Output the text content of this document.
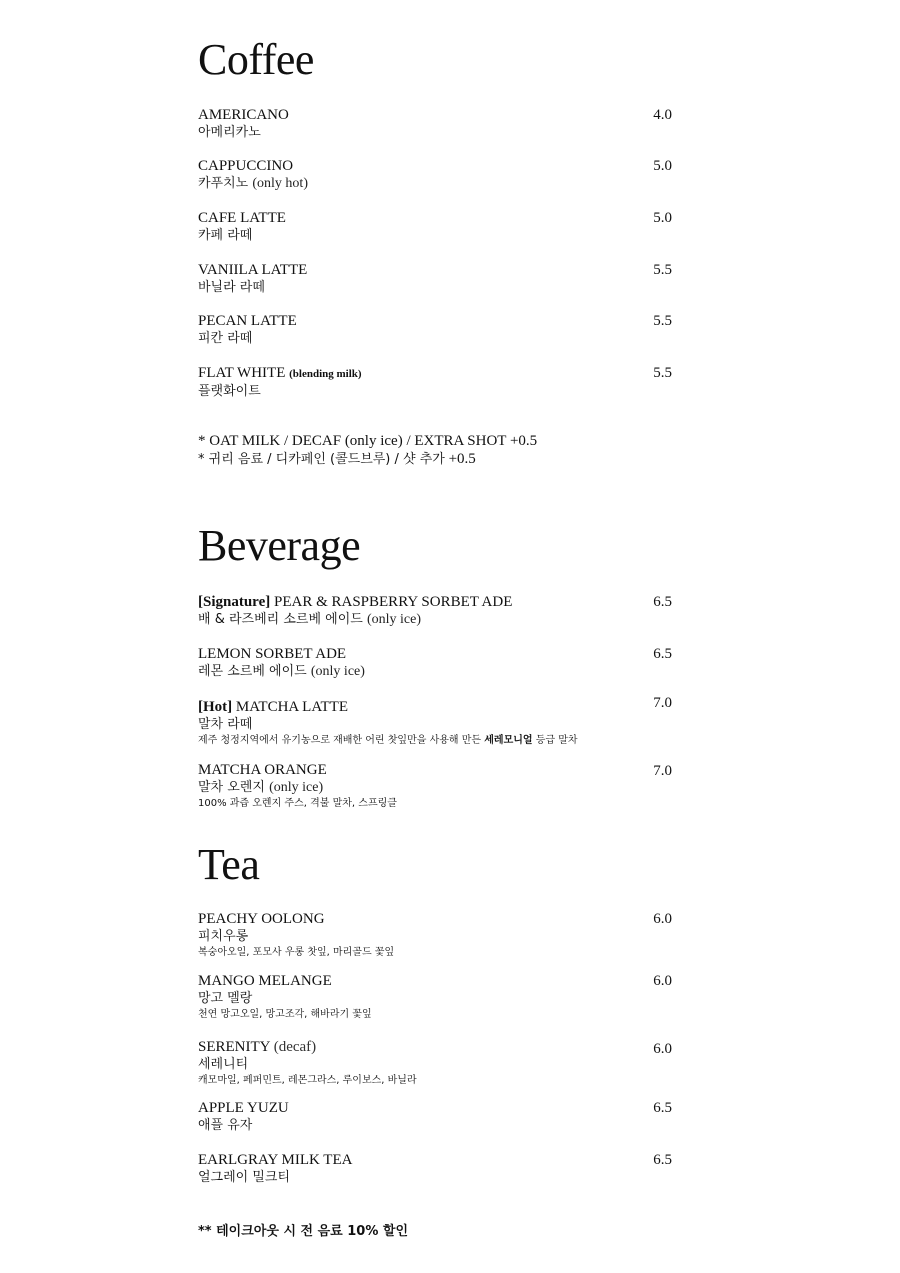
Coffee
AMERICANO
아메리카노
4.0
CAPPUCCINO
카푸치노 (only hot)
5.0
CAFE LATTE
카페 라떼
5.0
VANIILA LATTE
바닐라 라떼
5.5
PECAN LATTE
피칸 라떼
5.5
FLAT WHITE (blending milk)
플랫화이트
5.5
* OAT MILK / DECAF (only ice) / EXTRA SHOT +0.5
* 귀리 음료 / 디카페인 (콜드브루) / 샷 추가 +0.5
Beverage
[Signature] PEAR & RASPBERRY SORBET ADE
배 & 라즈베리 소르베 에이드 (only ice)
6.5
LEMON SORBET ADE
레몬 소르베 에이드 (only ice)
6.5
[Hot] MATCHA LATTE
말차 라떼
제주 청정지역에서 유기농으로 재배한 어린 찻잎만을 사용해 만든 세레모니얼 등급 말차
7.0
MATCHA ORANGE
말차 오렌지 (only ice)
100% 과즙 오렌지 주스, 격불 말차, 스프링클
7.0
Tea
PEACHY OOLONG
피치우롱
복숭아오일, 포모사 우롱 찻잎, 마리골드 꽃잎
6.0
MANGO MELANGE
망고 멜랑
천연 망고오일, 망고조각, 해바라기 꽃잎
6.0
SERENITY (decaf)
세레니티
캐모마일, 페퍼민트, 레몬그라스, 루이보스, 바닐라
6.0
APPLE YUZU
애플 유자
6.5
EARLGRAY MILK TEA
얼그레이 밀크티
6.5
** 테이크아웃 시 전 음료 10% 할인
